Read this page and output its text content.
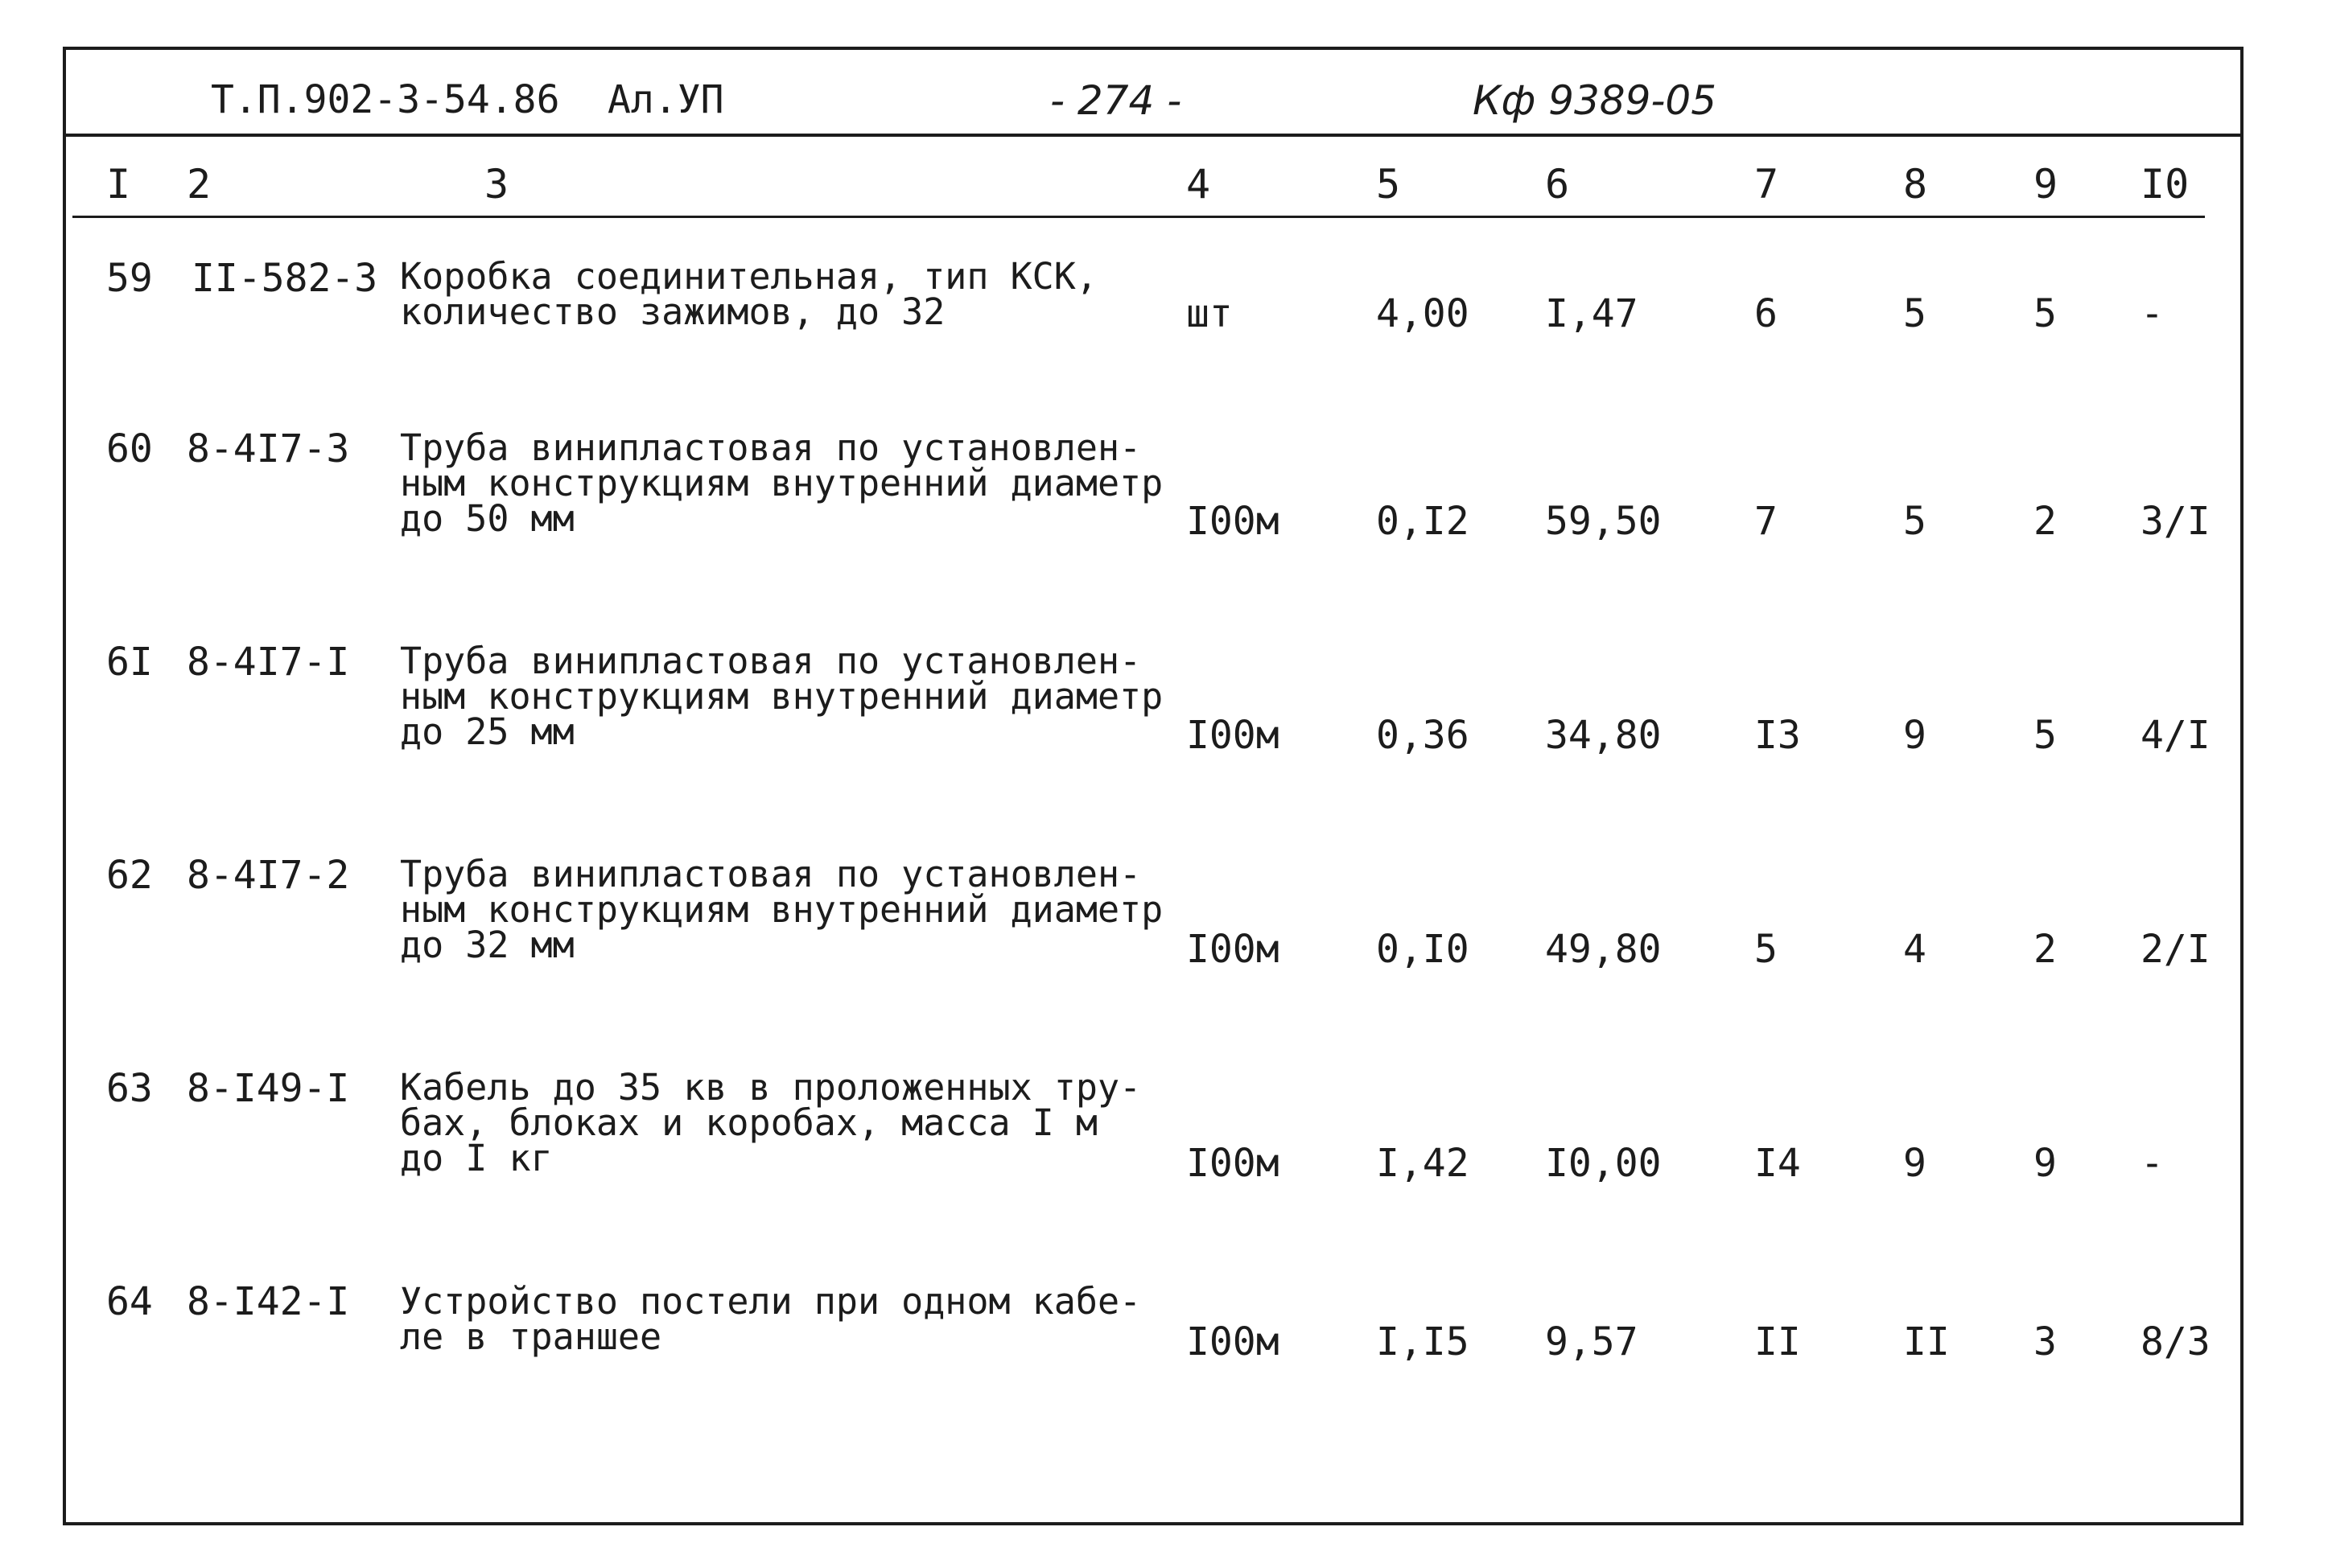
Т.П.902-3-54.86 Ал.УП	- 274 -	Кф 9389-05
I 2	3	4	5	6	7	8	9 I0
59 II-582-3 Коробка соединительная, тип КСК,
количество зажимов, до 32	шт	4,00 I,47	6	5	5 -
60 8-4I7-3 Труба винипластовая по установлен-
ным конструкциям внутренний диаметр
до 50 мм	I00м	0,I2 59,50 7	5	2 3/I
6I 8-4I7-I Труба винипластовая по установлен-
ным конструкциям внутренний диаметр
до 25 мм	I00м	0,36 34,80 I3	9	5 4/I
62 8-4I7-2 Труба винипластовая по установлен-
ным конструкциям внутренний диаметр
до 32 мм	I00м	0,I0 49,80 5	4	2 2/I
63 8-I49-I Кабель до 35 кв в проложенных тру-
бах, блоках и коробах, масса I м
до I кг	I00м	I,42 I0,00 I4	9	9 -
64 8-I42-I Устройство постели при одном кабе-
ле в траншее	I00м	I,I5 9,57	II	II 3 8/3
